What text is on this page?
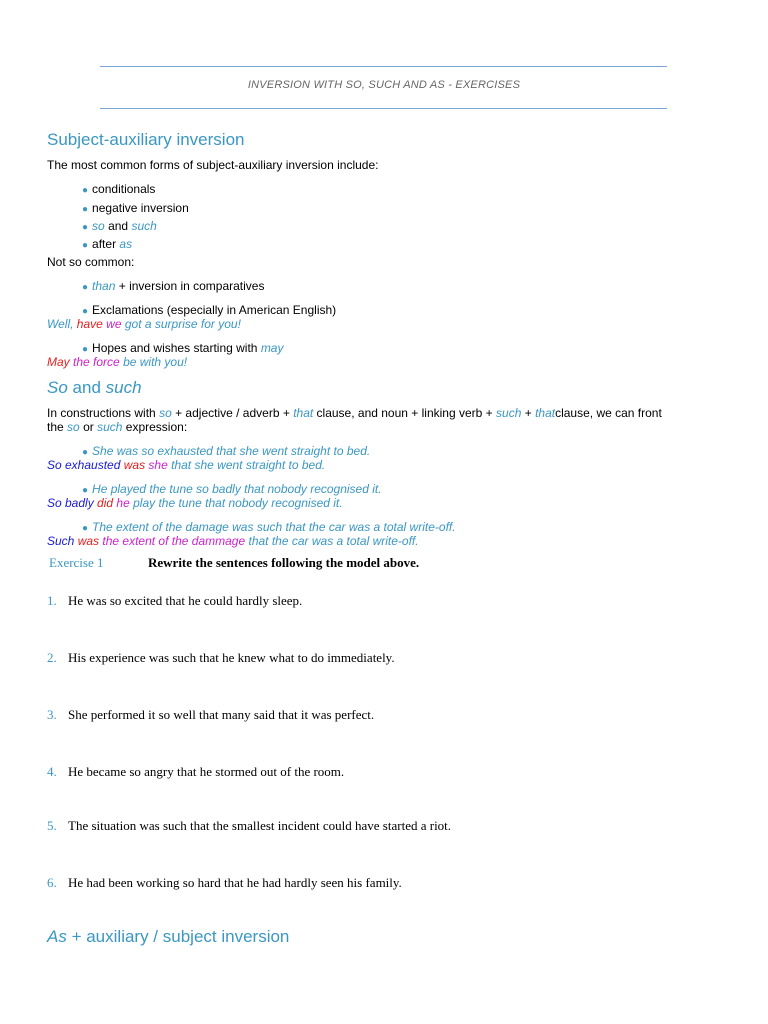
INVERSION WITH SO, SUCH AND AS - EXERCISES
Subject-auxiliary inversion
The most common forms of subject-auxiliary inversion include:
● conditionals
● negative inversion
● so and such
● after as
Not so common:
● than + inversion in comparatives
● Exclamations (especially in American English)
Well, have we got a surprise for you!
● Hopes and wishes starting with may
May the force be with you!
So and such
In constructions with so + adjective / adverb + that clause, and noun + linking verb + such + thatclause, we can front
the so or such expression:
● She was so exhausted that she went straight to bed.
So exhausted was she that she went straight to bed.
● He played the tune so badly that nobody recognised it.
So badly did he play the tune that nobody recognised it.
● The extent of the damage was such that the car was a total write-off.
Such was the extent of the dammage that the car was a total write-off.
Exercise 1	Rewrite the sentences following the model above.
1. He was so excited that he could hardly sleep.
2. His experience was such that he knew what to do immediately.
3. She performed it so well that many said that it was perfect.
4. He became so angry that he stormed out of the room.
5. The situation was such that the smallest incident could have started a riot.
6. He had been working so hard that he had hardly seen his family.
As + auxiliary / subject inversion
